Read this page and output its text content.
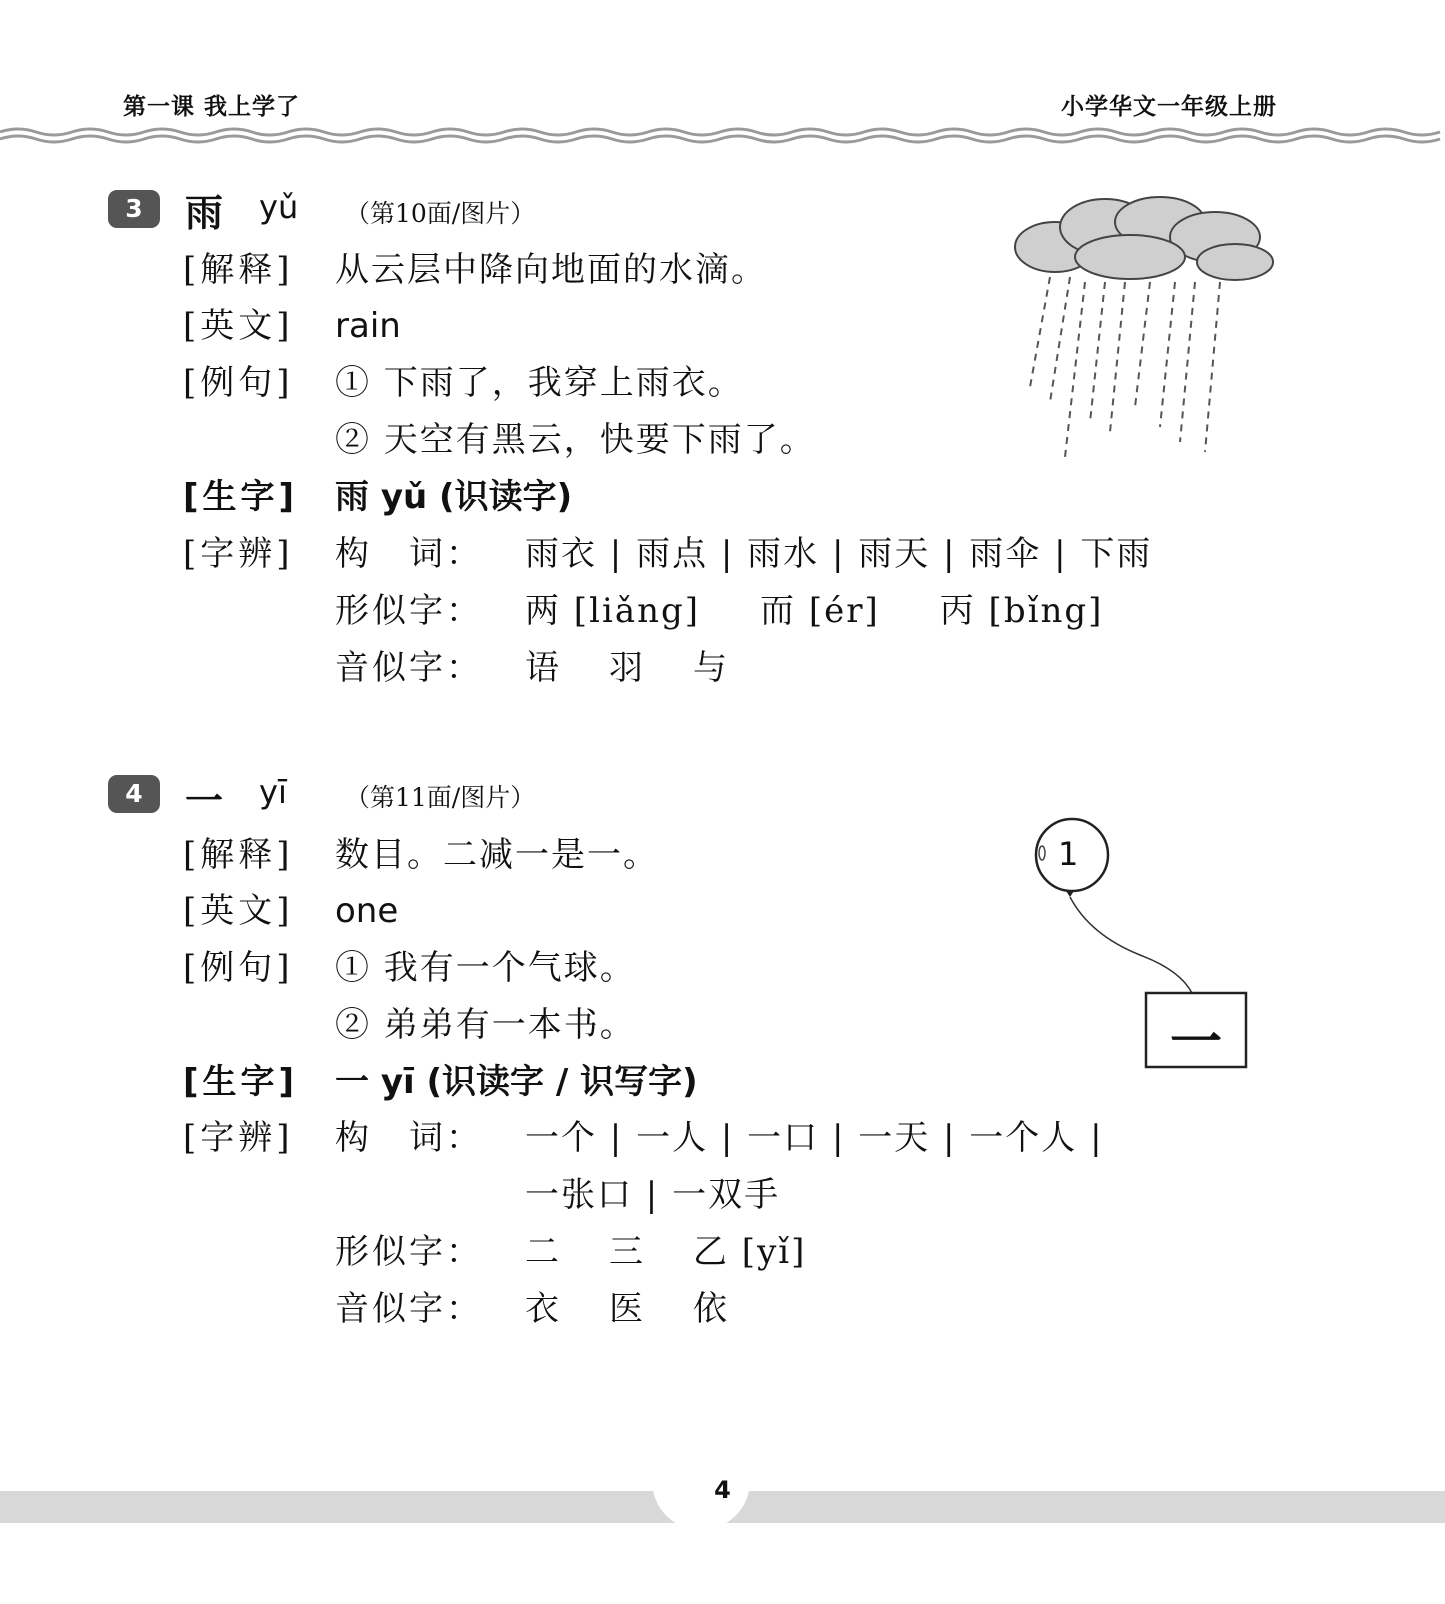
第一课 我上学了	小学华文一年级上册
3	雨 yǔ （第10面/图片）
[解释] 从云层中降向地面的水滴。
[英文] rain
[例句] ① 下雨了，我穿上雨衣。
② 天空有黑云，快要下雨了。
[生字] 雨 yǔ (识读字)
[字辨] 构　词： 雨衣 | 雨点 | 雨水 | 雨天 | 雨伞 | 下雨
形似字： 两 [liǎng] 而 [ér] 丙 [bǐng]
音似字： 语 羽 与
4	一 yī （第11面/图片）
[解释] 数目。二减一是一。
[英文] one
[例句] ① 我有一个气球。
② 弟弟有一本书。
[生字] 一 yī (识读字 / 识写字)
[字辨] 构　词： 一个 | 一人 | 一口 | 一天 | 一个人 |
一张口 | 一双手
形似字： 二 三 乙 [yǐ]
音似字： 衣 医 依
1
一
4
